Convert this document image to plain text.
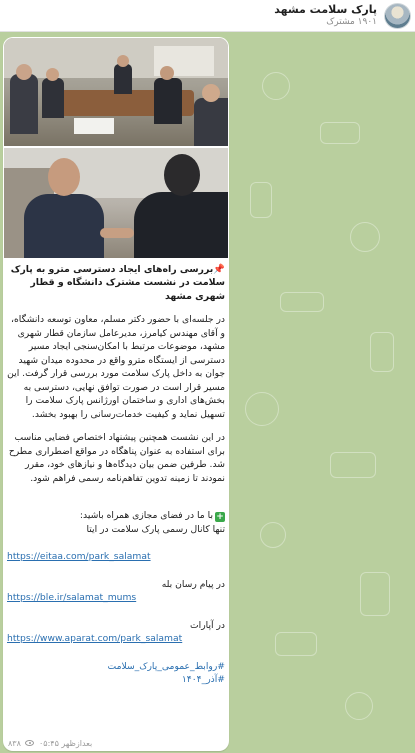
پارک سلامت مشهد
۱۹۰۱ مشترک
📌بررسی راه‌های ایجاد دسترسی مترو به پارک سلامت در نشست مشترک دانشگاه و قطار شهری مشهد
در جلسه‌ای با حضور دکتر مسلم، معاون توسعه دانشگاه، و آقای مهندس کیامرز، مدیرعامل سازمان قطار شهری مشهد، موضوعات مرتبط با امکان‌سنجی ایجاد مسیر دسترسی از ایستگاه مترو واقع در محدوده میدان شهید جوان به داخل پارک سلامت مورد بررسی قرار گرفت. این مسیر قرار است در صورت توافق نهایی، دسترسی به بخش‌های اداری و ساختمان اورژانس پارک سلامت را تسهیل نماید و کیفیت خدمات‌رسانی را بهبود بخشد.
در این نشست همچنین پیشنهاد اختصاص فضایی مناسب برای استفاده به عنوان پناهگاه در مواقع اضطراری مطرح شد. طرفین ضمن بیان دیدگاه‌ها و نیازهای خود، مقرر نمودند تا زمینه تدوین تفاهم‌نامه رسمی فراهم شود.
+با ما در فضای مجازی همراه باشید:
تنها کانال رسمی پارک سلامت در ایتا
https://eitaa.com/park_salamat
در پیام رسان بله
https://ble.ir/salamat_mums
در آپارات
https://www.aparat.com/park_salamat
#روابط_عمومی_پارک_سلامت
#آذر_۱۴۰۴
۸۳۸ ۰۵:۴۵ بعدازظهر
